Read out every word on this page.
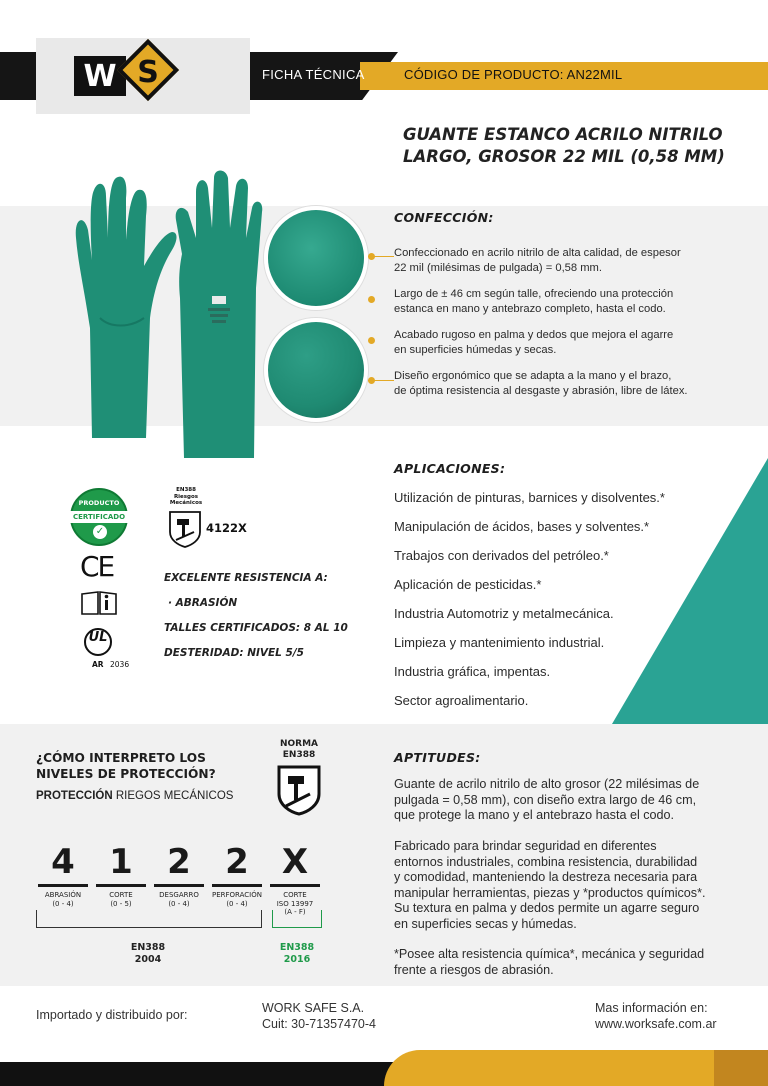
W S	FICHA TÉCNICA	CÓDIGO DE PRODUCTO: AN22MIL
GUANTE ESTANCO ACRILO NITRILO
LARGO, GROSOR 22 MIL (0,58 MM)
CONFECCIÓN:
Confeccionado en acrilo nitrilo de alta calidad, de espesor
22 mil (milésimas de pulgada) = 0,58 mm.
Largo de ± 46 cm según talle, ofreciendo una protección
estanca en mano y antebrazo completo, hasta el codo.
Acabado rugoso en palma y dedos que mejora el agarre
en superficies húmedas y secas.
Diseño ergonómico que se adapta a la mano y el brazo,
de óptima resistencia al desgaste y abrasión, libre de látex.
APLICACIONES:
Utilización de pinturas, barnices y disolventes.*
Manipulación de ácidos, bases y solventes.*
Trabajos con derivados del petróleo.*
Aplicación de pesticidas.*
Industria Automotriz y metalmecánica.
Limpieza y mantenimiento industrial.
Industria gráfica, impentas.
Sector agroalimentario.
PRODUCTO
CERTIFICADO
✓
CE
UL
AR 2036
EN388
Riesgos
Mecánicos
4122X
EXCELENTE RESISTENCIA A:
· ABRASIÓN
TALLES CERTIFICADOS: 8 AL 10
DESTERIDAD: NIVEL 5/5
¿CÓMO INTERPRETO LOS
NIVELES DE PROTECCIÓN?
PROTECCIÓN RIEGOS MECÁNICOS
NORMA
EN388
4
ABRASIÓN
(0 - 4)
1
CORTE
(0 - 5)
2
DESGARRO
(0 - 4)
2
PERFORACIÓN
(0 - 4)
X
CORTE
ISO 13997
(A - F)
EN388
2004
EN388
2016
APTITUDES:
Guante de acrilo nitrilo de alto grosor (22 milésimas de
pulgada = 0,58 mm), con diseño extra largo de 46 cm,
que protege la mano y el antebrazo hasta el codo.
Fabricado para brindar seguridad en diferentes
entornos industriales, combina resistencia, durabilidad
y comodidad, manteniendo la destreza necesaria para
manipular herramientas, piezas y *productos químicos*.
Su textura en palma y dedos permite un agarre seguro
en superficies secas y húmedas.
*Posee alta resistencia química*, mecánica y seguridad
frente a riesgos de abrasión.
Importado y distribuido por:	WORK SAFE S.A.
Cuit: 30-71357470-4
Mas información en:
www.worksafe.com.ar
